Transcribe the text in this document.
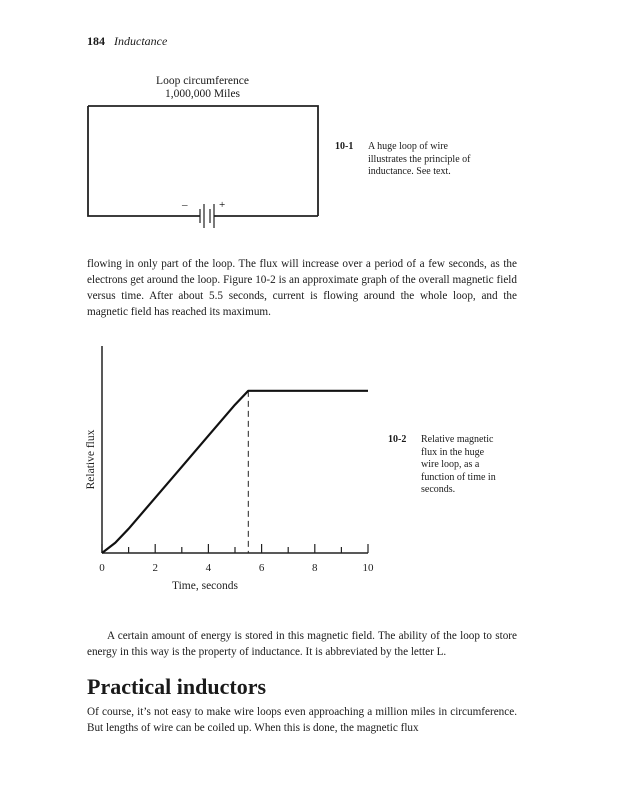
184 Inductance
Loop circumference
1,000,000 Miles
–	+
10-1 A huge loop of wire
illustrates the principle of
inductance. See text.
flowing in only part of the loop. The flux will increase over a period of a few seconds, as the electrons get around the loop. Figure 10-2 is an approximate graph of the overall magnetic field versus time. After about 5.5 seconds, current is flowing around the whole loop, and the magnetic field has reached its maximum.
0	2	4	6	8	10
Time, seconds
Relative flux	10-2 Relative magnetic
flux in the huge
wire loop, as a
function of time in
seconds.
A certain amount of energy is stored in this magnetic field. The ability of the loop to store energy in this way is the property of inductance. It is abbreviated by the letter L.
Practical inductors
Of course, it’s not easy to make wire loops even approaching a million miles in circumference. But lengths of wire can be coiled up. When this is done, the magnetic flux
